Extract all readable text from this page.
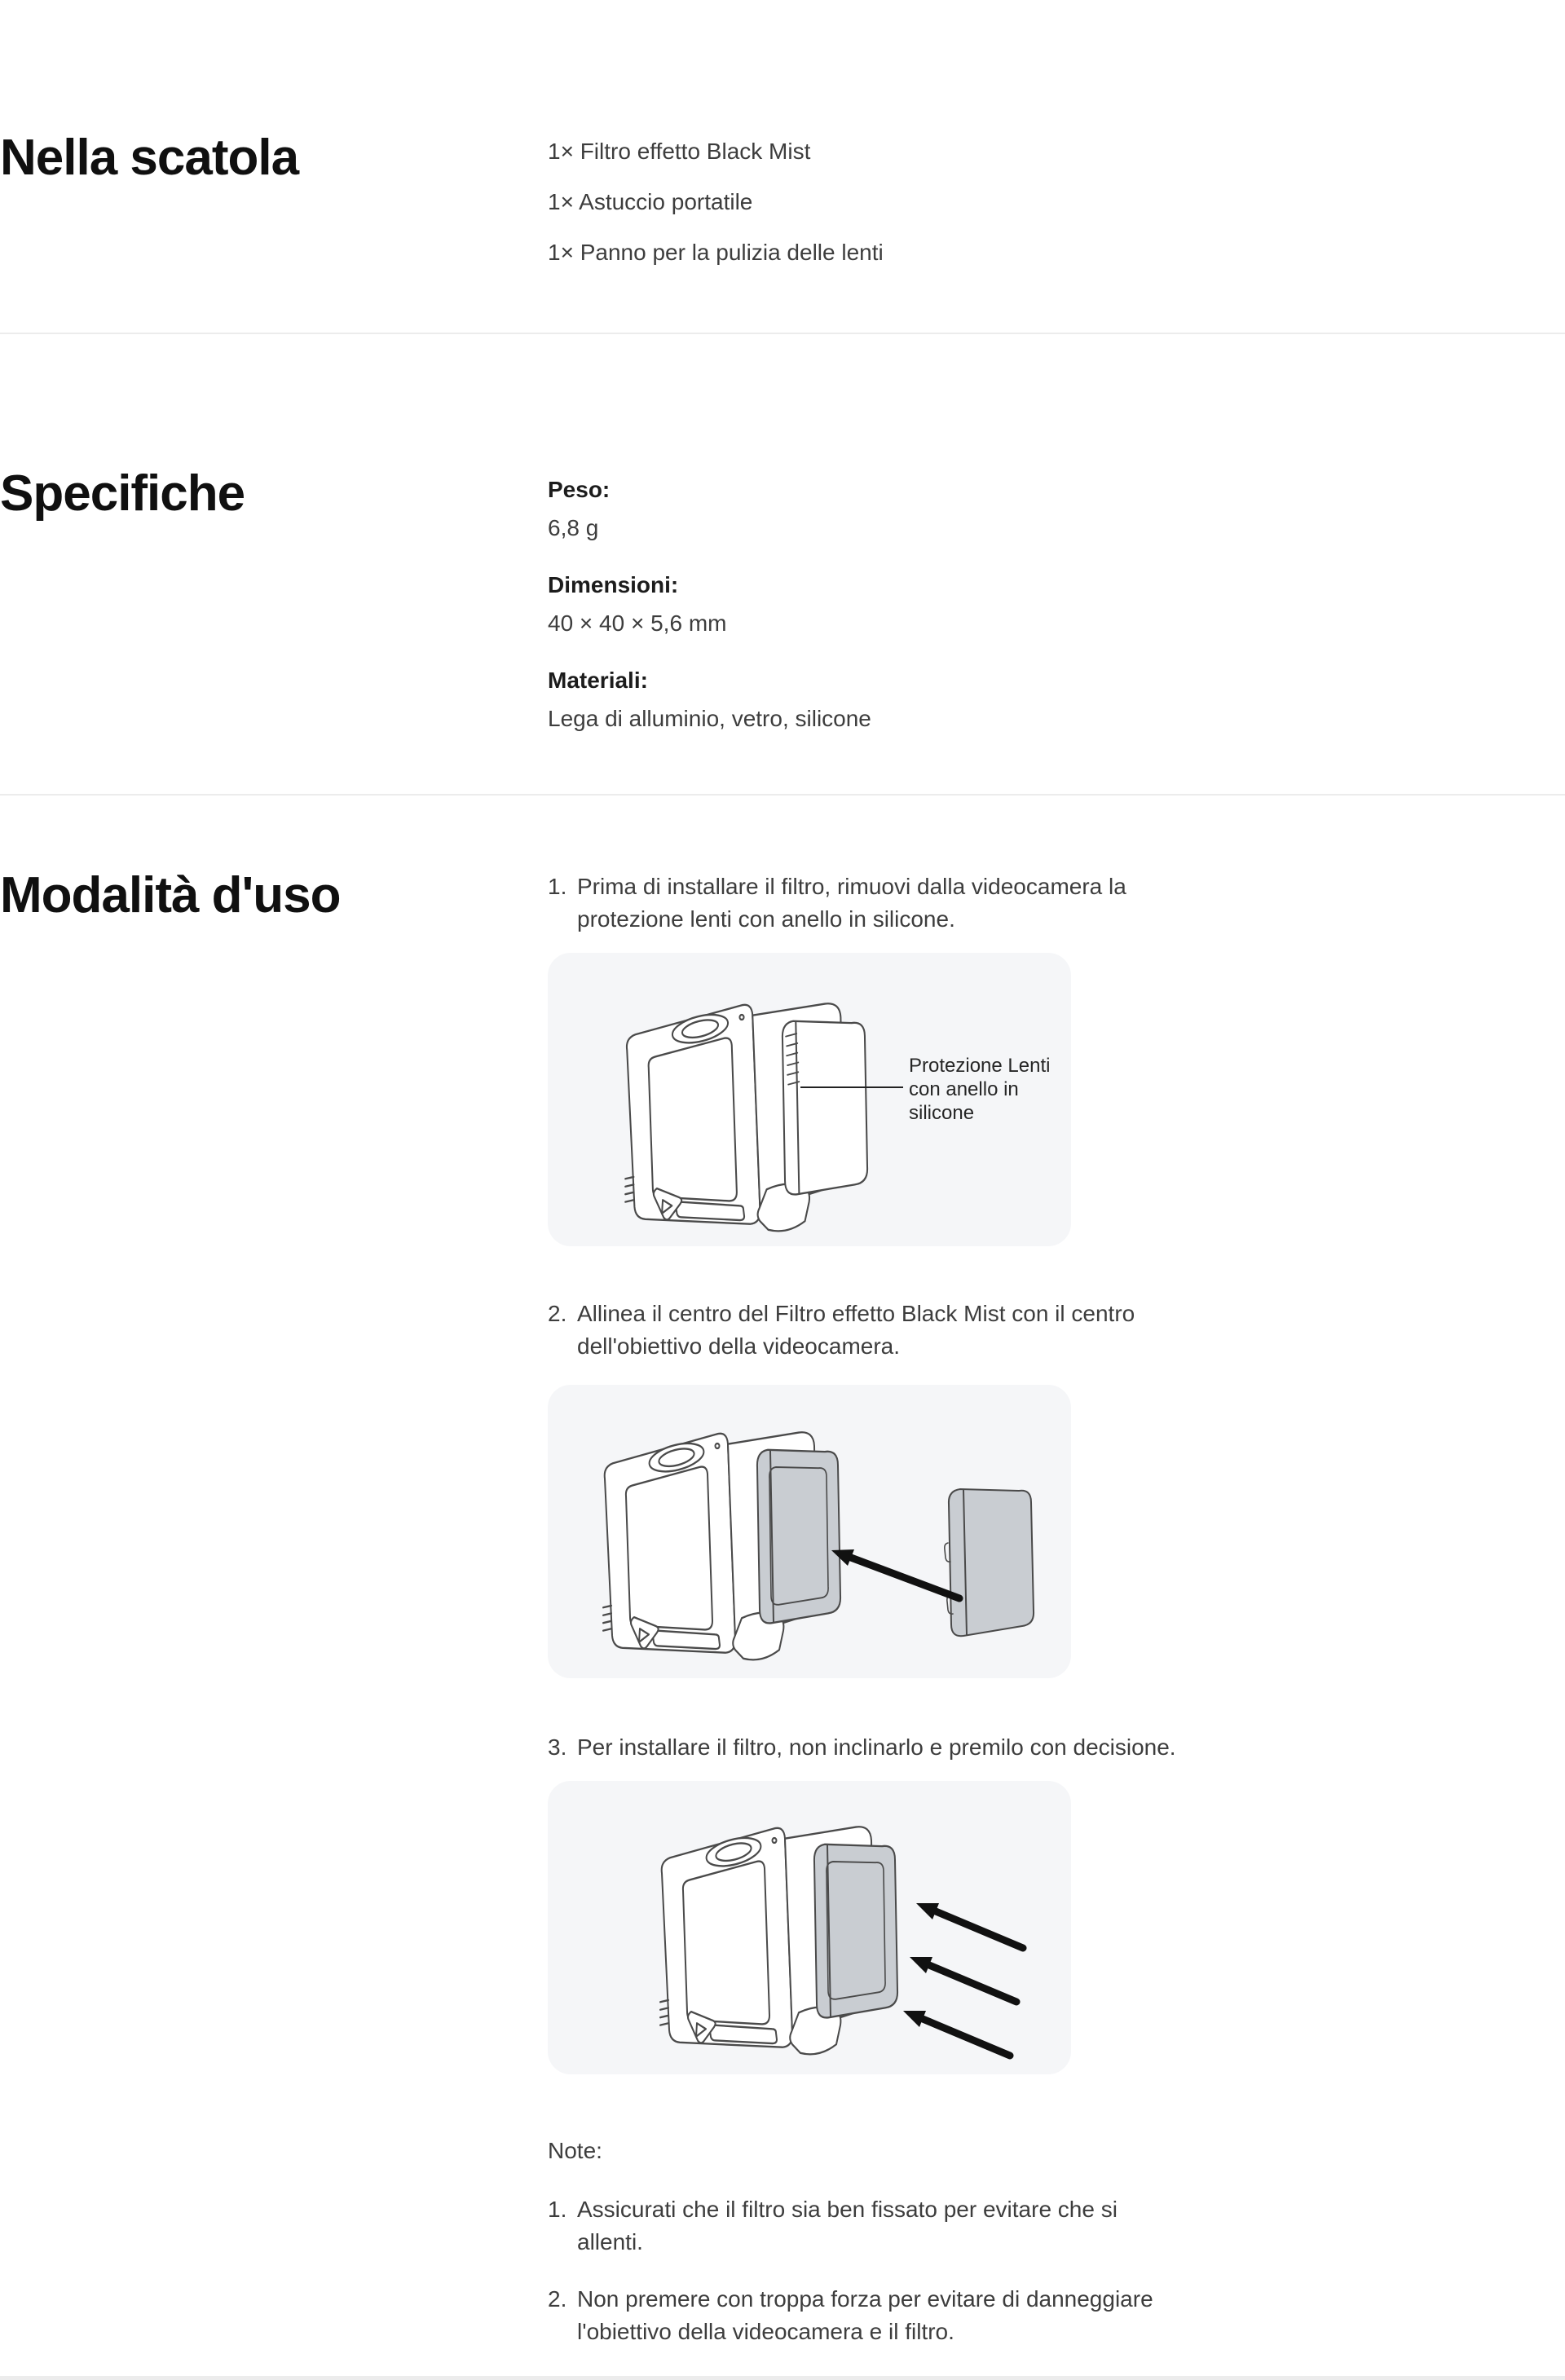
Nella scatola	1× Filtro effetto Black Mist
1× Astuccio portatile
1× Panno per la pulizia delle lenti
Specifiche	Peso:
6,8 g
Dimensioni:
40 × 40 × 5,6 mm
Materiali:
Lega di alluminio, vetro, silicone
Modalità d'uso	1. Prima di installare il filtro, rimuovi dalla videocamera la protezione lenti con anello in silicone.
Protezione Lenti con anello in silicone
2. Allinea il centro del Filtro effetto Black Mist con il centro dell'obiettivo della videocamera.
3. Per installare il filtro, non inclinarlo e premilo con decisione.
Note:
1. Assicurati che il filtro sia ben fissato per evitare che si allenti.
2. Non premere con troppa forza per evitare di danneggiare l'obiettivo della videocamera e il filtro.
